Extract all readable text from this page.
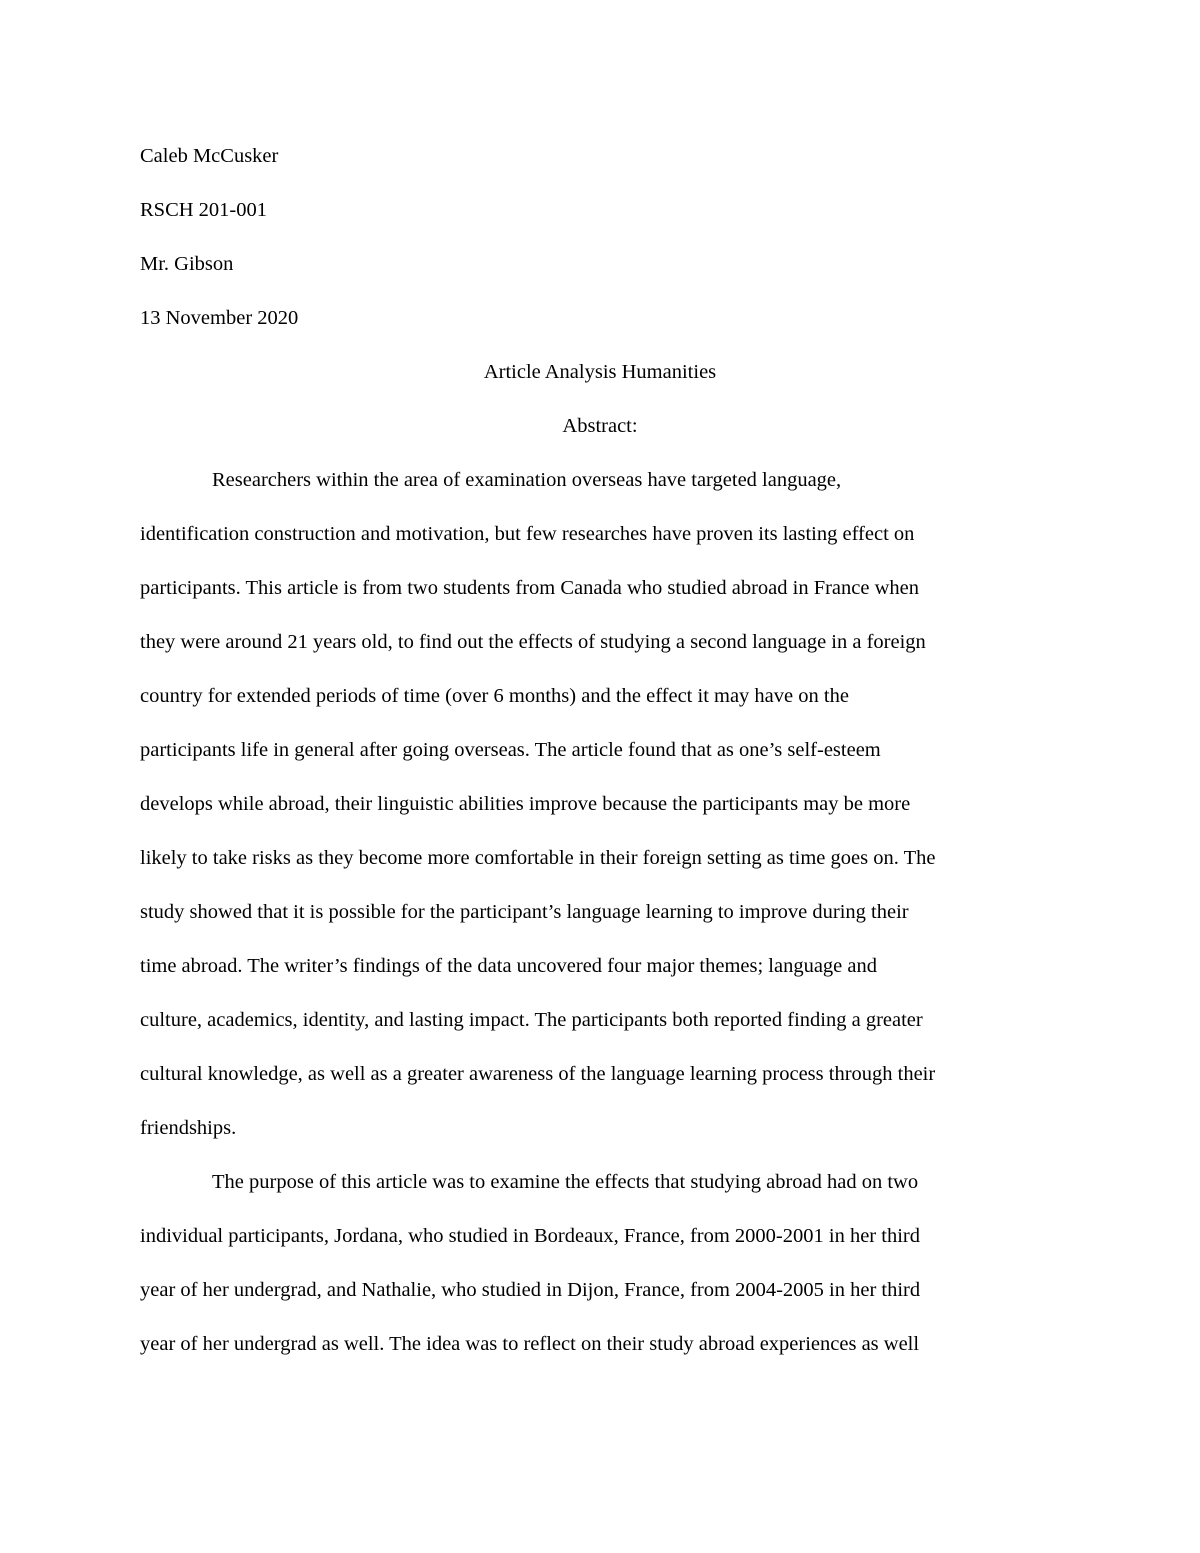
Caleb McCusker
RSCH 201-001
Mr. Gibson
13 November 2020
Article Analysis Humanities
Abstract:
Researchers within the area of examination overseas have targeted language,
identification construction and motivation, but few researches have proven its lasting effect on
participants. This article is from two students from Canada who studied abroad in France when
they were around 21 years old, to find out the effects of studying a second language in a foreign
country for extended periods of time (over 6 months) and the effect it may have on the
participants life in general after going overseas. The article found that as one’s self-esteem
develops while abroad, their linguistic abilities improve because the participants may be more
likely to take risks as they become more comfortable in their foreign setting as time goes on. The
study showed that it is possible for the participant’s language learning to improve during their
time abroad. The writer’s findings of the data uncovered four major themes; language and
culture, academics, identity, and lasting impact. The participants both reported finding a greater
cultural knowledge, as well as a greater awareness of the language learning process through their
friendships.
The purpose of this article was to examine the effects that studying abroad had on two
individual participants, Jordana, who studied in Bordeaux, France, from 2000-2001 in her third
year of her undergrad, and Nathalie, who studied in Dijon, France, from 2004-2005 in her third
year of her undergrad as well. The idea was to reflect on their study abroad experiences as well
